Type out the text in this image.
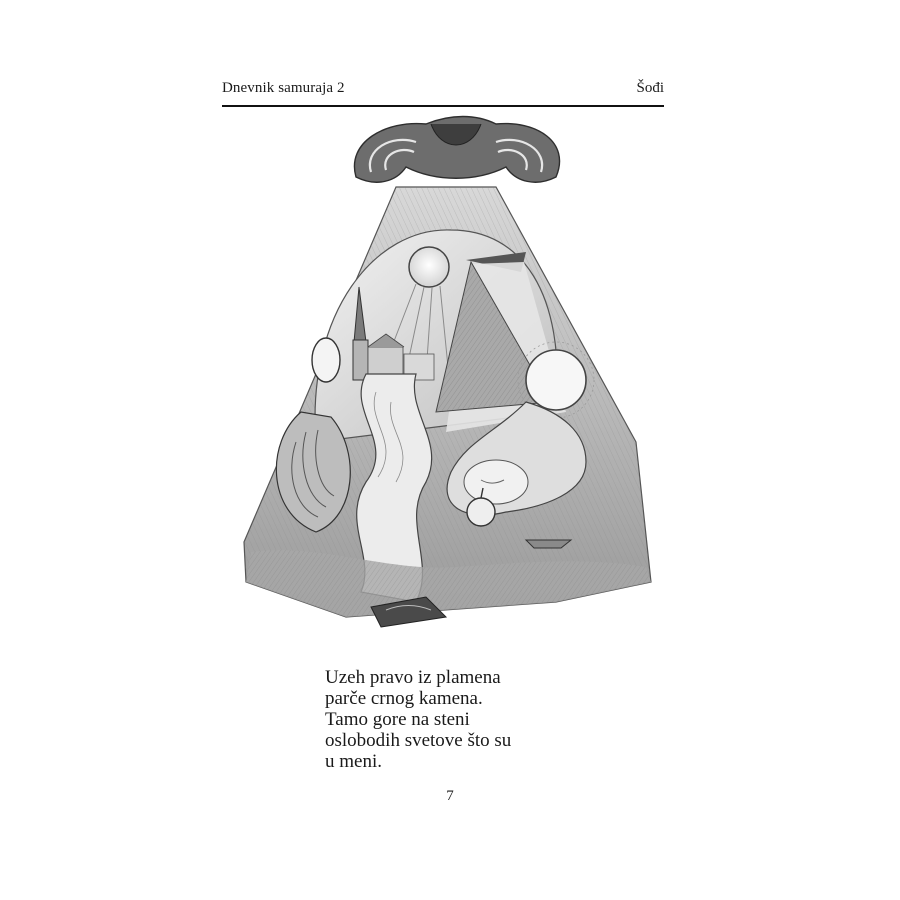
Dnevnik samuraja 2	Šođi
Uzeh pravo iz plamena
parče crnog kamena.
Tamo gore na steni
oslobodih svetove što su
u meni.
7
